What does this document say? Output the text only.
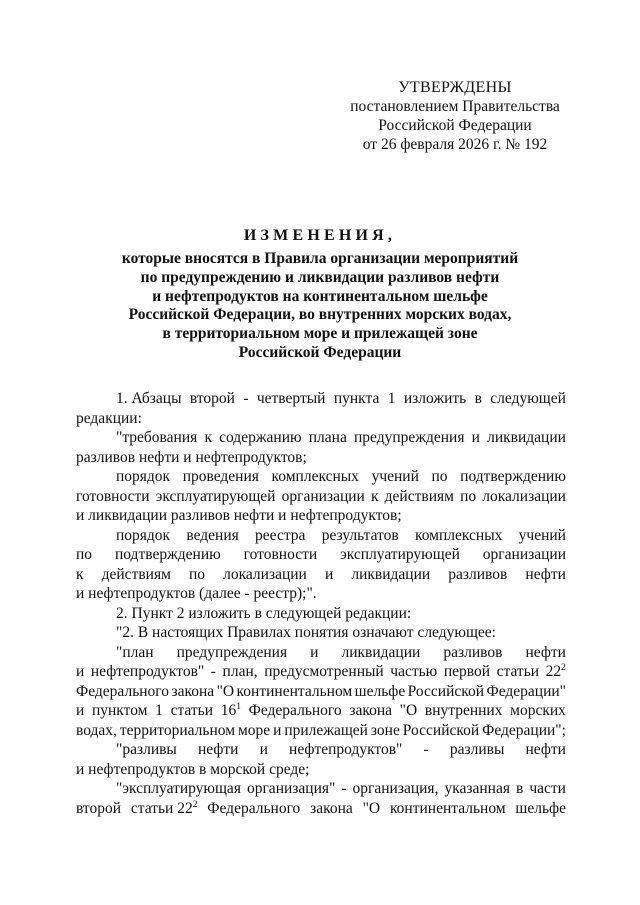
УТВЕРЖДЕНЫ
постановлением Правительства
Российской Федерации
от 26 февраля 2026 г. № 192
ИЗМЕНЕНИЯ,
которые вносятся в Правила организации мероприятий
по предупреждению и ликвидации разливов нефти
и нефтепродуктов на континентальном шельфе
Российской Федерации, во внутренних морских водах,
в территориальном море и прилежащей зоне
Российской Федерации
1. Абзацы второй - четвертый пункта 1 изложить в следующей
редакции:
"требования к содержанию плана предупреждения и ликвидации
разливов нефти и нефтепродуктов;
порядок проведения комплексных учений по подтверждению
готовности эксплуатирующей организации к действиям по локализации
и ликвидации разливов нефти и нефтепродуктов;
порядок ведения реестра результатов комплексных учений
по подтверждению готовности эксплуатирующей организации
к действиям по локализации и ликвидации разливов нефти
и нефтепродуктов (далее - реестр);".
2. Пункт 2 изложить в следующей редакции:
"2. В настоящих Правилах понятия означают следующее:
"план предупреждения и ликвидации разливов нефти
и нефтепродуктов" - план, предусмотренный частью первой статьи $22^2$
Федерального закона "О континентальном шельфе Российской Федерации"
и пунктом 1 статьи $16^1$ Федерального закона "О внутренних морских
водах, территориальном море и прилежащей зоне Российской Федерации";
"разливы нефти и нефтепродуктов" - разливы нефти
и нефтепродуктов в морской среде;
"эксплуатирующая организация" - организация, указанная в части
второй статьи $22^2$ Федерального закона "О континентальном шельфе
